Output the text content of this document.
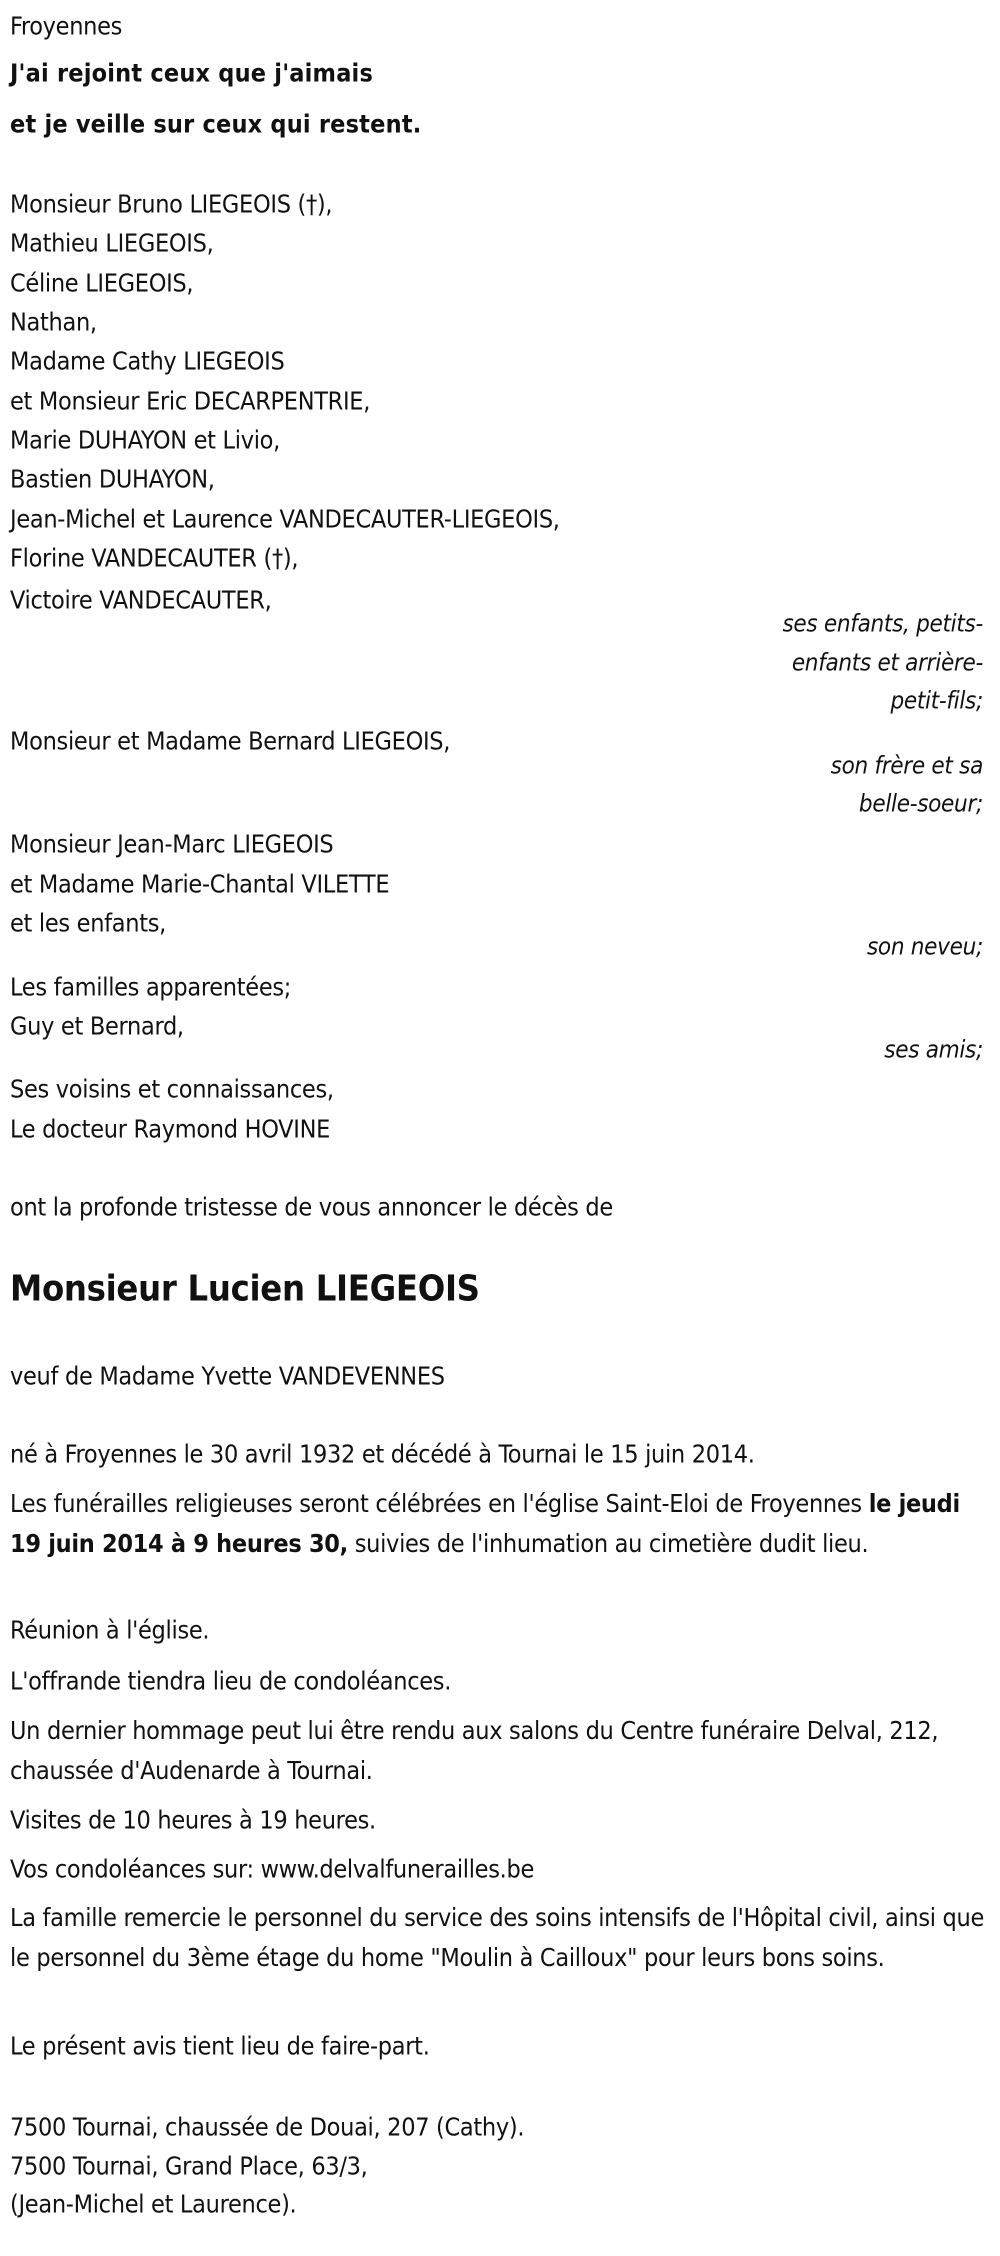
Froyennes
J'ai rejoint ceux que j'aimais
et je veille sur ceux qui restent.
Monsieur Bruno LIEGEOIS (†),
Mathieu LIEGEOIS,
Céline LIEGEOIS,
Nathan,
Madame Cathy LIEGEOIS
et Monsieur Eric DECARPENTRIE,
Marie DUHAYON et Livio,
Bastien DUHAYON,
Jean-Michel et Laurence VANDECAUTER-LIEGEOIS,
Florine VANDECAUTER (†),
Victoire VANDECAUTER,
ses enfants, petits-
enfants et arrière-
petit-fils;
Monsieur et Madame Bernard LIEGEOIS,
son frère et sa
belle-soeur;
Monsieur Jean-Marc LIEGEOIS
et Madame Marie-Chantal VILETTE
et les enfants,
son neveu;
Les familles apparentées;
Guy et Bernard,
ses amis;
Ses voisins et connaissances,
Le docteur Raymond HOVINE
ont la profonde tristesse de vous annoncer le décès de
Monsieur Lucien LIEGEOIS
veuf de Madame Yvette VANDEVENNES
né à Froyennes le 30 avril 1932 et décédé à Tournai le 15 juin 2014.
Les funérailles religieuses seront célébrées en l'église Saint-Eloi de Froyennes le jeudi 19 juin 2014 à 9 heures 30, suivies de l'inhumation au cimetière dudit lieu.
Réunion à l'église.
L'offrande tiendra lieu de condoléances.
Un dernier hommage peut lui être rendu aux salons du Centre funéraire Delval, 212, chaussée d'Audenarde à Tournai.
Visites de 10 heures à 19 heures.
Vos condoléances sur: www.delvalfunerailles.be
La famille remercie le personnel du service des soins intensifs de l'Hôpital civil, ainsi que le personnel du 3ème étage du home "Moulin à Cailloux" pour leurs bons soins.
Le présent avis tient lieu de faire-part.
7500 Tournai, chaussée de Douai, 207 (Cathy).
7500 Tournai, Grand Place, 63/3,
(Jean-Michel et Laurence).
